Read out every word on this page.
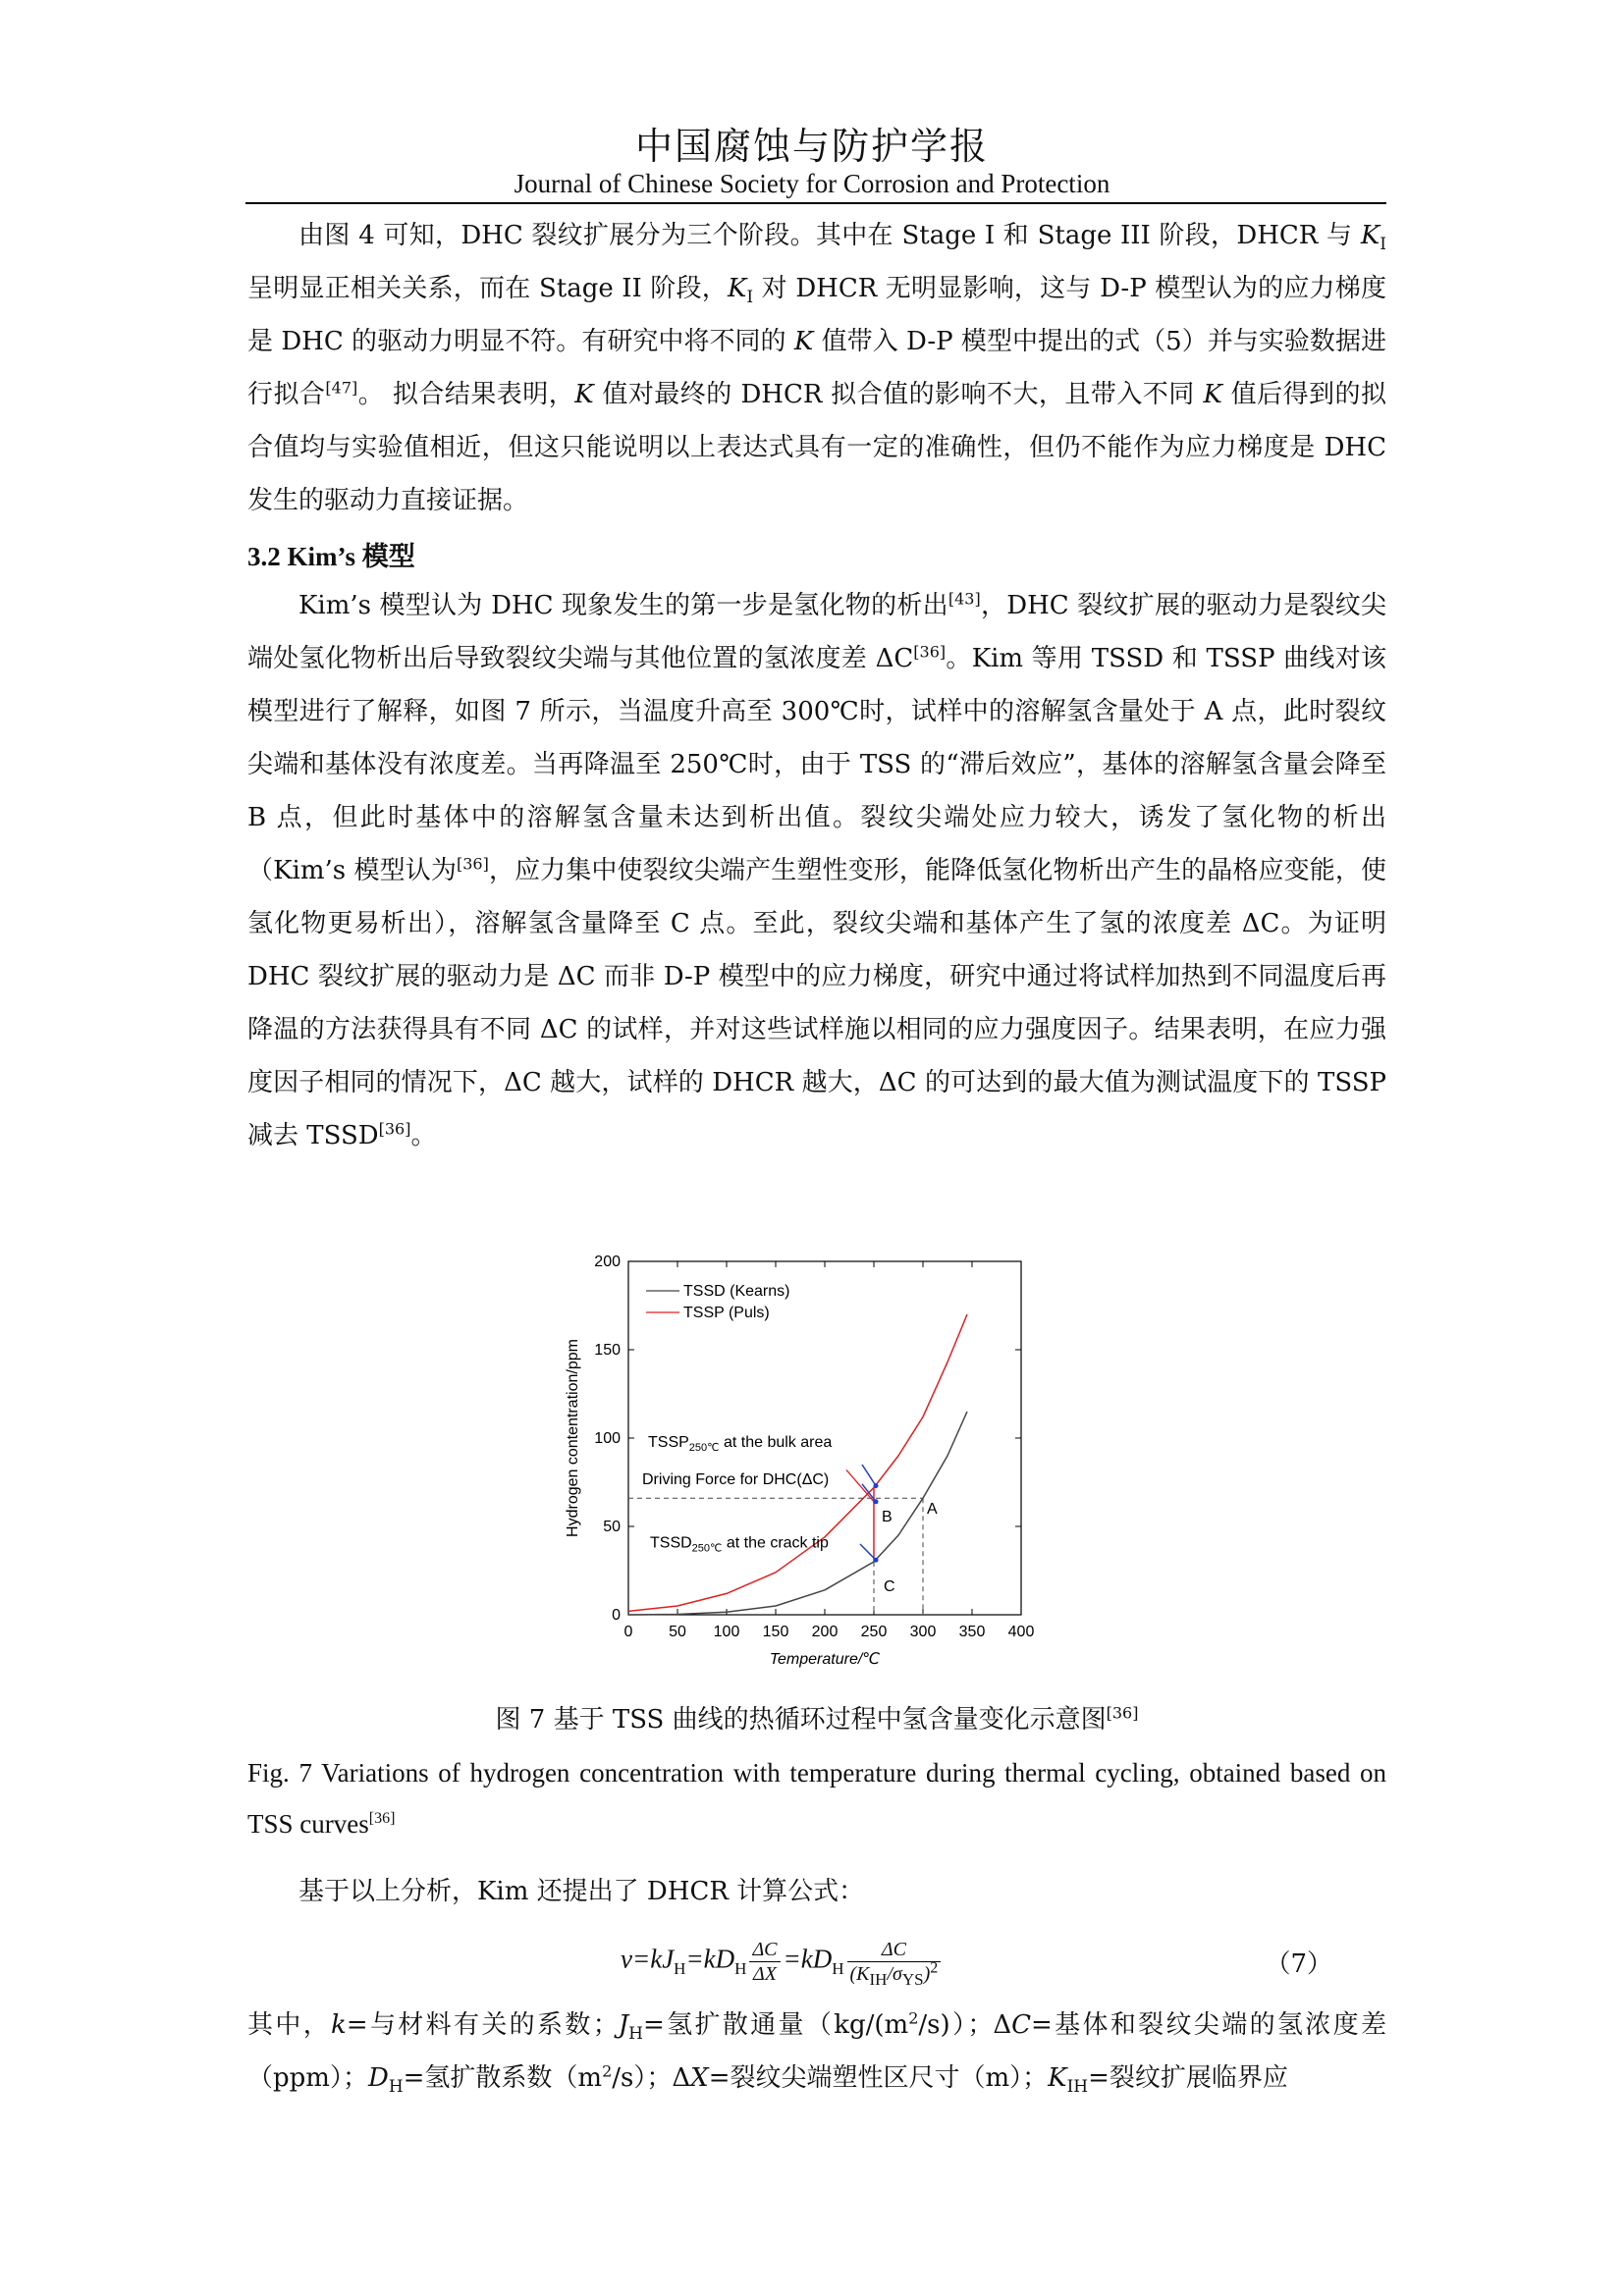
中国腐蚀与防护学报
Journal of Chinese Society for Corrosion and Protection

由图 4 可知，DHC 裂纹扩展分为三个阶段。其中在 Stage I 和 Stage III 阶段，DHCR 与 $K_I$ 呈明显正相关关系，而在 Stage II 阶段，$K_I$ 对 DHCR 无明显影响，这与 D-P 模型认为的应力梯度是 DHC 的驱动力明显不符。有研究中将不同的 K 值带入 D-P 模型中提出的式（5）并与实验数据进行拟合[47]。 拟合结果表明，K 值对最终的 DHCR 拟合值的影响不大，且带入不同 K 值后得到的拟合值均与实验值相近，但这只能说明以上表达式具有一定的准确性，但仍不能作为应力梯度是 DHC 发生的驱动力直接证据。

3.2 Kim’s 模型

Kim’s 模型认为 DHC 现象发生的第一步是氢化物的析出[43]，DHC 裂纹扩展的驱动力是裂纹尖端处氢化物析出后导致裂纹尖端与其他位置的氢浓度差 ΔC[36]。Kim 等用 TSSD 和 TSSP 曲线对该模型进行了解释，如图 7 所示，当温度升高至 300℃时，试样中的溶解氢含量处于 A 点，此时裂纹尖端和基体没有浓度差。当再降温至 250℃时，由于 TSS 的“滞后效应”，基体的溶解氢含量会降至 B 点，但此时基体中的溶解氢含量未达到析出值。裂纹尖端处应力较大，诱发了氢化物的析出（Kim’s 模型认为[36]，应力集中使裂纹尖端产生塑性变形，能降低氢化物析出产生的晶格应变能，使氢化物更易析出），溶解氢含量降至 C 点。至此，裂纹尖端和基体产生了氢的浓度差 ΔC。为证明 DHC 裂纹扩展的驱动力是 ΔC 而非 D-P 模型中的应力梯度，研究中通过将试样加热到不同温度后再降温的方法获得具有不同 ΔC 的试样，并对这些试样施以相同的应力强度因子。结果表明，在应力强度因子相同的情况下，ΔC 越大，试样的 DHCR 越大，ΔC 的可达到的最大值为测试温度下的 TSSP 减去 TSSD[36]。

0 50 100 150 200 250 300 350 400
0
50
100
150
200
Temperature/℃
Hydrogen contentration/ppm
TSSD (Kearns)
TSSP (Puls)
$TSSP_{250℃}$ at the bulk area
Driving Force for DHC(ΔC)
$TSSD_{250℃}$ at the crack tip
A
B
C
图 7 基于 TSS 曲线的热循环过程中氢含量变化示意图[36]
Fig. 7 Variations of hydrogen concentration with temperature during thermal cycling, obtained based on TSS curves[36]

基于以上分析，Kim 还提出了 DHCR 计算公式：

$v=kJ_H=kD_H \frac{\Delta C}{\Delta X} =kD_H \frac{\Delta C}{(K_{IH}/\sigma_{YS})^2}$	（7）

其中，k=与材料有关的系数；$J_H=$氢扩散通量$(kg/(m^2/s))$；ΔC=基体和裂纹尖端的氢浓度差（ppm）；$D_H=$氢扩散系数$(m^2/s)$；ΔX=裂纹尖端塑性区尺寸（m）；$K_{IH}=$裂纹扩展临界应
